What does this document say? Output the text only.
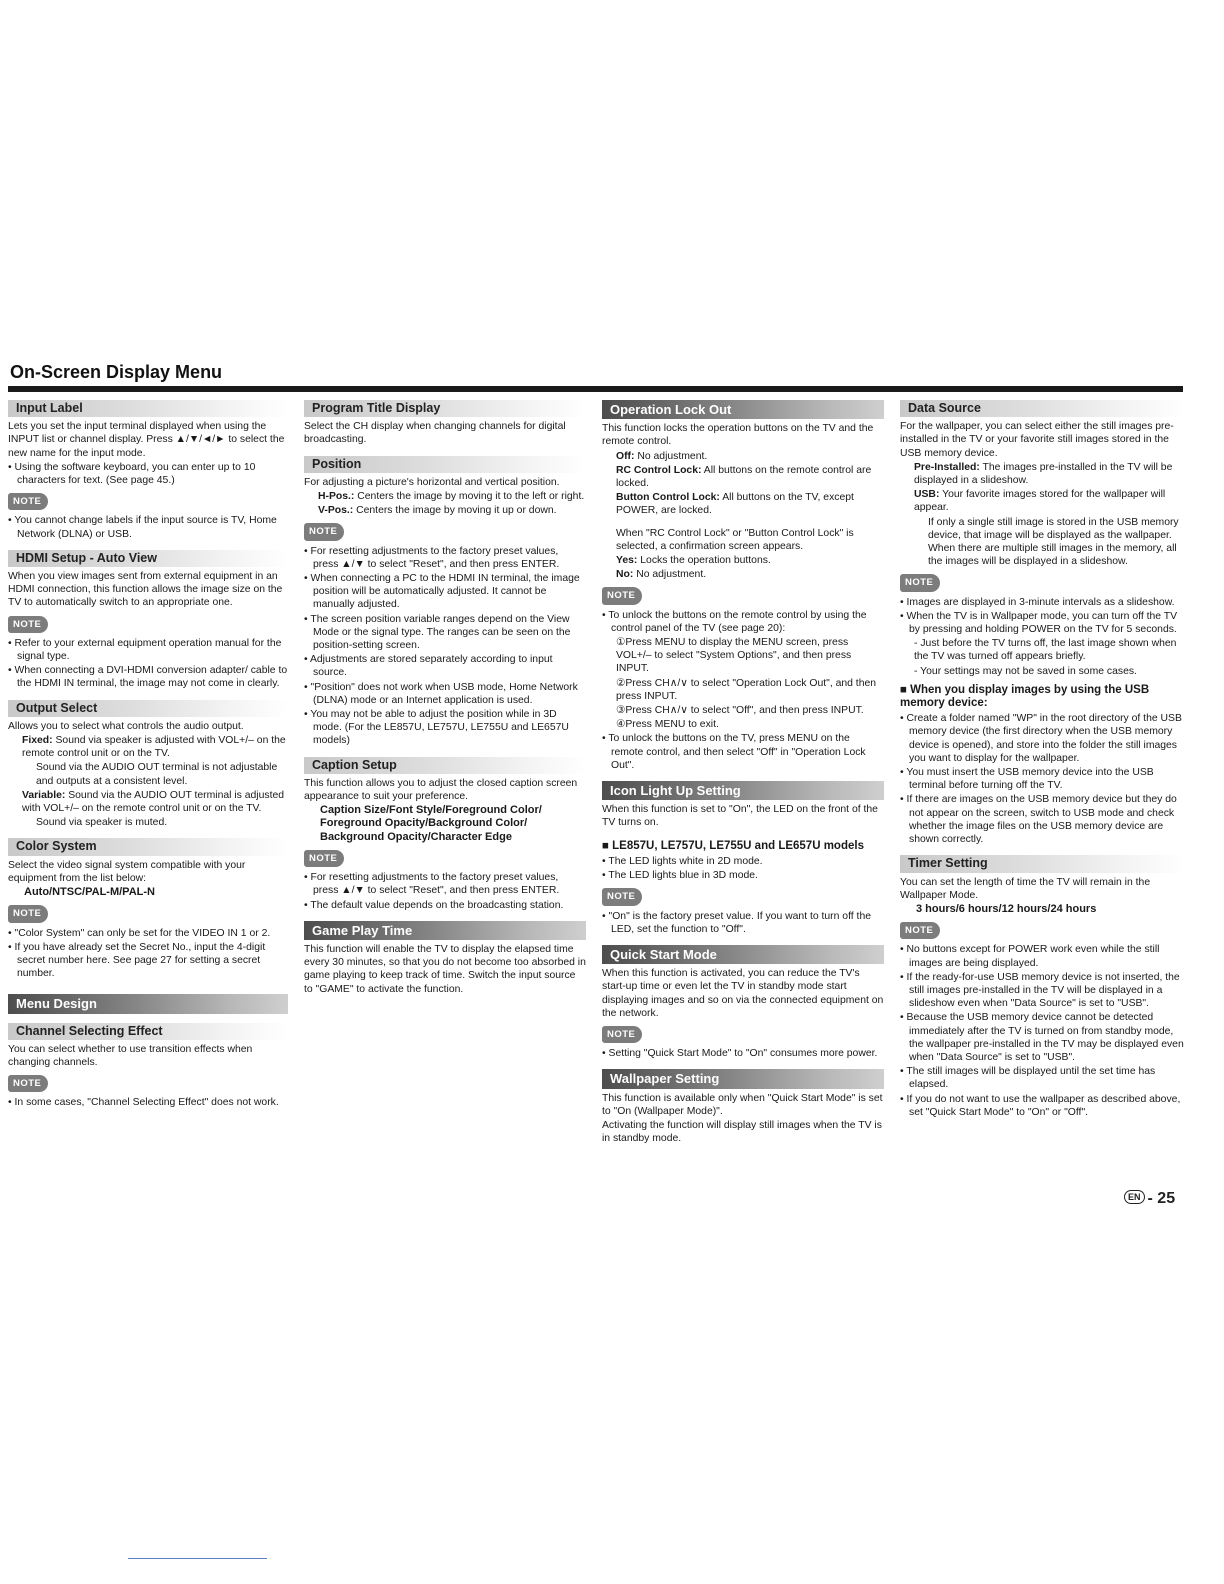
On-Screen Display Menu
Input Label
Lets you set the input terminal displayed when using the INPUT list or channel display. Press ▲/▼/◄/► to select the new name for the input mode.
• Using the software keyboard, you can enter up to 10 characters for text. (See page 45.)
NOTE
• You cannot change labels if the input source is TV, Home Network (DLNA) or USB.
HDMI Setup - Auto View
When you view images sent from external equipment in an HDMI connection, this function allows the image size on the TV to automatically switch to an appropriate one.
NOTE
• Refer to your external equipment operation manual for the signal type.
• When connecting a DVI-HDMI conversion adapter/ cable to the HDMI IN terminal, the image may not come in clearly.
Output Select
Allows you to select what controls the audio output.
Fixed: Sound via speaker is adjusted with VOL+/– on the remote control unit or on the TV.
Sound via the AUDIO OUT terminal is not adjustable and outputs at a consistent level.
Variable: Sound via the AUDIO OUT terminal is adjusted with VOL+/– on the remote control unit or on the TV.
Sound via speaker is muted.
Color System
Select the video signal system compatible with your equipment from the list below:
Auto/NTSC/PAL-M/PAL-N
NOTE
• "Color System" can only be set for the VIDEO IN 1 or 2.
• If you have already set the Secret No., input the 4-digit secret number here. See page 27 for setting a secret number.
Menu Design
Channel Selecting Effect
You can select whether to use transition effects when changing channels.
NOTE
• In some cases, "Channel Selecting Effect" does not work.
Program Title Display
Select the CH display when changing channels for digital broadcasting.
Position
For adjusting a picture's horizontal and vertical position.
H-Pos.: Centers the image by moving it to the left or right.
V-Pos.: Centers the image by moving it up or down.
NOTE
• For resetting adjustments to the factory preset values, press ▲/▼ to select "Reset", and then press ENTER.
• When connecting a PC to the HDMI IN terminal, the image position will be automatically adjusted. It cannot be manually adjusted.
• The screen position variable ranges depend on the View Mode or the signal type. The ranges can be seen on the position-setting screen.
• Adjustments are stored separately according to input source.
• "Position" does not work when USB mode, Home Network (DLNA) mode or an Internet application is used.
• You may not be able to adjust the position while in 3D mode. (For the LE857U, LE757U, LE755U and LE657U models)
Caption Setup
This function allows you to adjust the closed caption screen appearance to suit your preference.
Caption Size/Font Style/Foreground Color/ Foreground Opacity/Background Color/ Background Opacity/Character Edge
NOTE
• For resetting adjustments to the factory preset values, press ▲/▼ to select "Reset", and then press ENTER.
• The default value depends on the broadcasting station.
Game Play Time
This function will enable the TV to display the elapsed time every 30 minutes, so that you do not become too absorbed in game playing to keep track of time. Switch the input source to "GAME" to activate the function.
Operation Lock Out
This function locks the operation buttons on the TV and the remote control.
Off: No adjustment.
RC Control Lock: All buttons on the remote control are locked.
Button Control Lock: All buttons on the TV, except POWER, are locked.
When "RC Control Lock" or "Button Control Lock" is selected, a confirmation screen appears.
Yes: Locks the operation buttons.
No: No adjustment.
NOTE
• To unlock the buttons on the remote control by using the control panel of the TV (see page 20):
①Press MENU to display the MENU screen, press VOL+/– to select "System Options", and then press INPUT.
②Press CH∧/∨ to select "Operation Lock Out", and then press INPUT.
③Press CH∧/∨ to select "Off", and then press INPUT.
④Press MENU to exit.
• To unlock the buttons on the TV, press MENU on the remote control, and then select "Off" in "Operation Lock Out".
Icon Light Up Setting
When this function is set to "On", the LED on the front of the TV turns on.
■ LE857U, LE757U, LE755U and LE657U models
• The LED lights white in 2D mode.
• The LED lights blue in 3D mode.
NOTE
• "On" is the factory preset value. If you want to turn off the LED, set the function to "Off".
Quick Start Mode
When this function is activated, you can reduce the TV's start-up time or even let the TV in standby mode start displaying images and so on via the connected equipment on the network.
NOTE
• Setting "Quick Start Mode" to "On" consumes more power.
Wallpaper Setting
This function is available only when "Quick Start Mode" is set to "On (Wallpaper Mode)".
Activating the function will display still images when the TV is in standby mode.
Data Source
For the wallpaper, you can select either the still images pre-installed in the TV or your favorite still images stored in the USB memory device.
Pre-Installed: The images pre-installed in the TV will be displayed in a slideshow.
USB: Your favorite images stored for the wallpaper will appear.
If only a single still image is stored in the USB memory device, that image will be displayed as the wallpaper. When there are multiple still images in the memory, all the images will be displayed in a slideshow.
NOTE
• Images are displayed in 3-minute intervals as a slideshow.
• When the TV is in Wallpaper mode, you can turn off the TV by pressing and holding POWER on the TV for 5 seconds.
- Just before the TV turns off, the last image shown when the TV was turned off appears briefly.
- Your settings may not be saved in some cases.
■ When you display images by using the USB memory device:
• Create a folder named "WP" in the root directory of the USB memory device (the first directory when the USB memory device is opened), and store into the folder the still images you want to display for the wallpaper.
• You must insert the USB memory device into the USB terminal before turning off the TV.
• If there are images on the USB memory device but they do not appear on the screen, switch to USB mode and check whether the image files on the USB memory device are shown correctly.
Timer Setting
You can set the length of time the TV will remain in the Wallpaper Mode.
3 hours/6 hours/12 hours/24 hours
NOTE
• No buttons except for POWER work even while the still images are being displayed.
• If the ready-for-use USB memory device is not inserted, the still images pre-installed in the TV will be displayed in a slideshow even when "Data Source" is set to "USB".
• Because the USB memory device cannot be detected immediately after the TV is turned on from standby mode, the wallpaper pre-installed in the TV may be displayed even when "Data Source" is set to "USB".
• The still images will be displayed until the set time has elapsed.
• If you do not want to use the wallpaper as described above, set "Quick Start Mode" to "On" or "Off".
EN - 25
